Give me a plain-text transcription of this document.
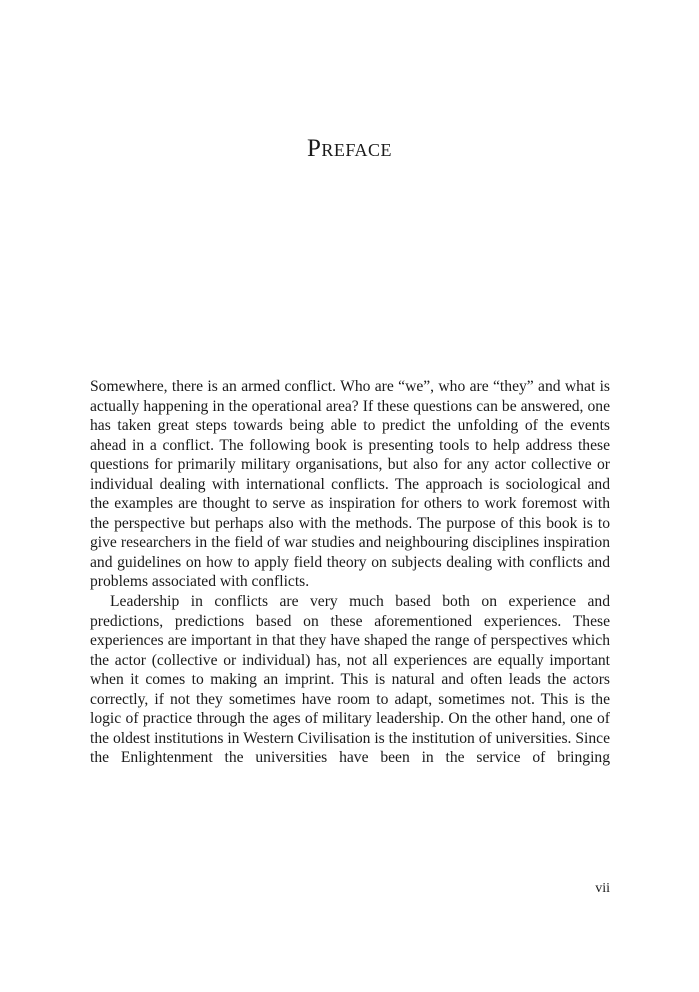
Preface

Somewhere, there is an armed conflict. Who are “we”, who are “they” and what is actually happening in the operational area? If these questions can be answered, one has taken great steps towards being able to predict the unfolding of the events ahead in a conflict. The following book is presenting tools to help address these questions for primarily military organisations, but also for any actor collective or individual dealing with international conflicts. The approach is sociological and the examples are thought to serve as inspiration for others to work foremost with the perspective but perhaps also with the methods. The purpose of this book is to give researchers in the field of war studies and neighbouring disciplines inspiration and guidelines on how to apply field theory on subjects dealing with conflicts and problems associated with conflicts.

Leadership in conflicts are very much based both on experience and predictions, predictions based on these aforementioned experiences. These experiences are important in that they have shaped the range of perspectives which the actor (collective or individual) has, not all experiences are equally important when it comes to making an imprint. This is natural and often leads the actors correctly, if not they sometimes have room to adapt, sometimes not. This is the logic of practice through the ages of military leadership. On the other hand, one of the oldest institutions in Western Civilisation is the institution of universities. Since the Enlightenment the universities have been in the service of bringing

vii
